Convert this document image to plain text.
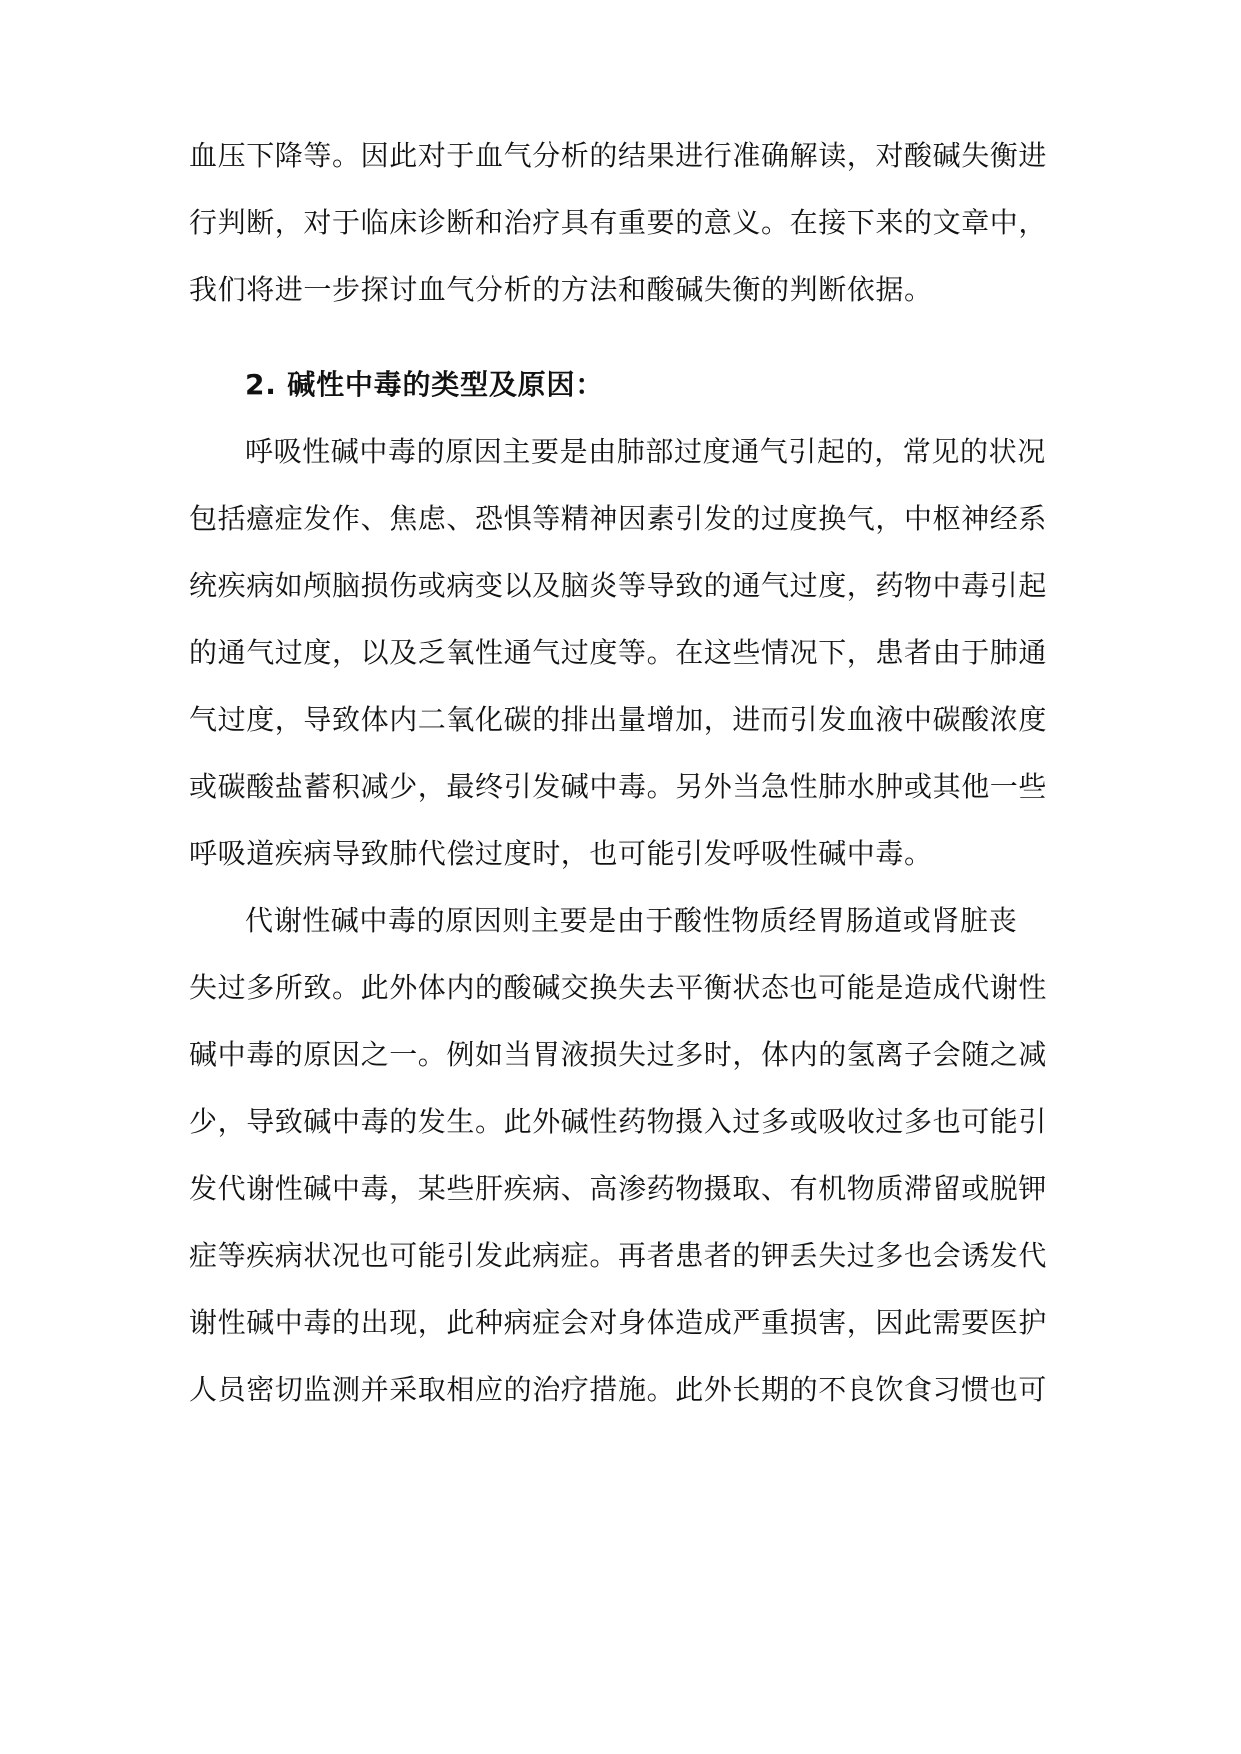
血压下降等。因此对于血气分析的结果进行准确解读，对酸碱失衡进
行判断，对于临床诊断和治疗具有重要的意义。在接下来的文章中，
我们将进一步探讨血气分析的方法和酸碱失衡的判断依据。
2. 碱性中毒的类型及原因：
呼吸性碱中毒的原因主要是由肺部过度通气引起的，常见的状况
包括癔症发作、焦虑、恐惧等精神因素引发的过度换气，中枢神经系
统疾病如颅脑损伤或病变以及脑炎等导致的通气过度，药物中毒引起
的通气过度，以及乏氧性通气过度等。在这些情况下，患者由于肺通
气过度，导致体内二氧化碳的排出量增加，进而引发血液中碳酸浓度
或碳酸盐蓄积减少，最终引发碱中毒。另外当急性肺水肿或其他一些
呼吸道疾病导致肺代偿过度时，也可能引发呼吸性碱中毒。
代谢性碱中毒的原因则主要是由于酸性物质经胃肠道或肾脏丧
失过多所致。此外体内的酸碱交换失去平衡状态也可能是造成代谢性
碱中毒的原因之一。例如当胃液损失过多时，体内的氢离子会随之减
少，导致碱中毒的发生。此外碱性药物摄入过多或吸收过多也可能引
发代谢性碱中毒，某些肝疾病、高渗药物摄取、有机物质滞留或脱钾
症等疾病状况也可能引发此病症。再者患者的钾丢失过多也会诱发代
谢性碱中毒的出现，此种病症会对身体造成严重损害，因此需要医护
人员密切监测并采取相应的治疗措施。此外长期的不良饮食习惯也可
